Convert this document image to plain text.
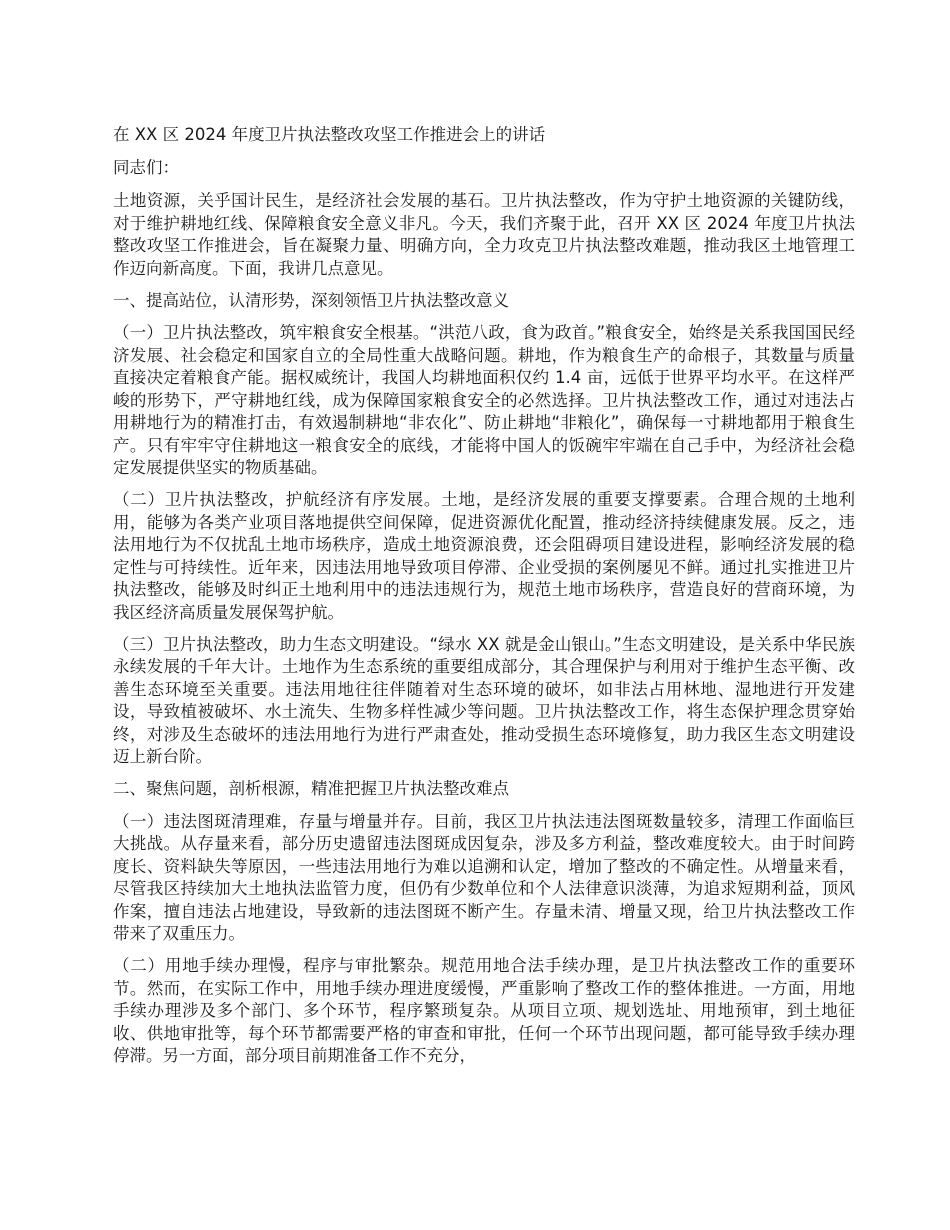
在 XX 区 2024 年度卫片执法整改攻坚工作推进会上的讲话

同志们：

土地资源，关乎国计民生，是经济社会发展的基石。卫片执法整改，作为守护土地资源的关键防线，对于维护耕地红线、保障粮食安全意义非凡。今天，我们齐聚于此，召开 XX 区 2024 年度卫片执法整改攻坚工作推进会，旨在凝聚力量、明确方向，全力攻克卫片执法整改难题，推动我区土地管理工作迈向新高度。下面，我讲几点意见。

一、提高站位，认清形势，深刻领悟卫片执法整改意义

（一）卫片执法整改，筑牢粮食安全根基。“洪范八政，食为政首。”粮食安全，始终是关系我国国民经济发展、社会稳定和国家自立的全局性重大战略问题。耕地，作为粮食生产的命根子，其数量与质量直接决定着粮食产能。据权威统计，我国人均耕地面积仅约 1.4 亩，远低于世界平均水平。在这样严峻的形势下，严守耕地红线，成为保障国家粮食安全的必然选择。卫片执法整改工作，通过对违法占用耕地行为的精准打击，有效遏制耕地“非农化”、防止耕地“非粮化”，确保每一寸耕地都用于粮食生产。只有牢牢守住耕地这一粮食安全的底线，才能将中国人的饭碗牢牢端在自己手中，为经济社会稳定发展提供坚实的物质基础。

（二）卫片执法整改，护航经济有序发展。土地，是经济发展的重要支撑要素。合理合规的土地利用，能够为各类产业项目落地提供空间保障，促进资源优化配置，推动经济持续健康发展。反之，违法用地行为不仅扰乱土地市场秩序，造成土地资源浪费，还会阻碍项目建设进程，影响经济发展的稳定性与可持续性。近年来，因违法用地导致项目停滞、企业受损的案例屡见不鲜。通过扎实推进卫片执法整改，能够及时纠正土地利用中的违法违规行为，规范土地市场秩序，营造良好的营商环境，为我区经济高质量发展保驾护航。

（三）卫片执法整改，助力生态文明建设。“绿水 XX 就是金山银山。”生态文明建设，是关系中华民族永续发展的千年大计。土地作为生态系统的重要组成部分，其合理保护与利用对于维护生态平衡、改善生态环境至关重要。违法用地往往伴随着对生态环境的破坏，如非法占用林地、湿地进行开发建设，导致植被破坏、水土流失、生物多样性减少等问题。卫片执法整改工作，将生态保护理念贯穿始终，对涉及生态破坏的违法用地行为进行严肃查处，推动受损生态环境修复，助力我区生态文明建设迈上新台阶。

二、聚焦问题，剖析根源，精准把握卫片执法整改难点

（一）违法图斑清理难，存量与增量并存。目前，我区卫片执法违法图斑数量较多，清理工作面临巨大挑战。从存量来看，部分历史遗留违法图斑成因复杂，涉及多方利益，整改难度较大。由于时间跨度长、资料缺失等原因，一些违法用地行为难以追溯和认定，增加了整改的不确定性。从增量来看，尽管我区持续加大土地执法监管力度，但仍有少数单位和个人法律意识淡薄，为追求短期利益，顶风作案，擅自违法占地建设，导致新的违法图斑不断产生。存量未清、增量又现，给卫片执法整改工作带来了双重压力。

（二）用地手续办理慢，程序与审批繁杂。规范用地合法手续办理，是卫片执法整改工作的重要环节。然而，在实际工作中，用地手续办理进度缓慢，严重影响了整改工作的整体推进。一方面，用地手续办理涉及多个部门、多个环节，程序繁琐复杂。从项目立项、规划选址、用地预审，到土地征收、供地审批等，每个环节都需要严格的审查和审批，任何一个环节出现问题，都可能导致手续办理停滞。另一方面，部分项目前期准备工作不充分，
